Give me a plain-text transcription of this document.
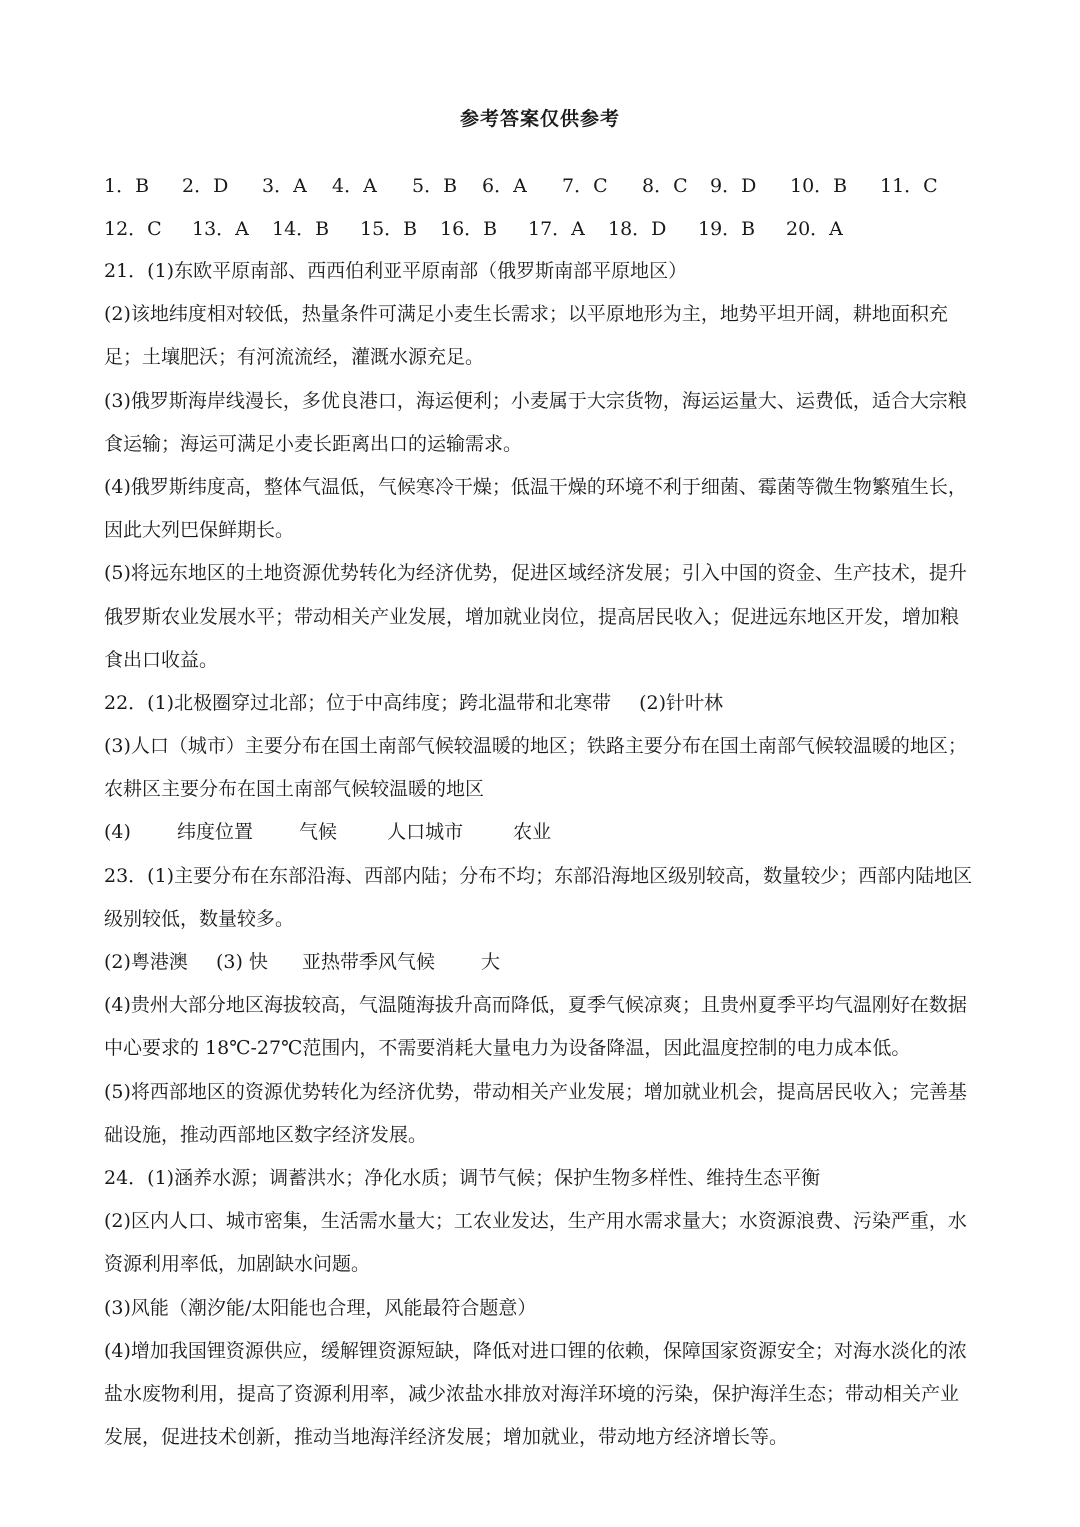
参考答案仅供参考
1．B 2．D 3．A 4．A 5．B 6．A 7．C 8．C 9．D 10．B 11．C
12．C 13．A 14．B 15．B 16．B 17．A 18．D 19．B 20．A
21．(1)东欧平原南部、西西伯利亚平原南部（俄罗斯南部平原地区）
(2)该地纬度相对较低，热量条件可满足小麦生长需求；以平原地形为主，地势平坦开阔，耕地面积充
足；土壤肥沃；有河流流经，灌溉水源充足。
(3)俄罗斯海岸线漫长，多优良港口，海运便利；小麦属于大宗货物，海运运量大、运费低，适合大宗粮
食运输；海运可满足小麦长距离出口的运输需求。
(4)俄罗斯纬度高，整体气温低，气候寒冷干燥；低温干燥的环境不利于细菌、霉菌等微生物繁殖生长，
因此大列巴保鲜期长。
(5)将远东地区的土地资源优势转化为经济优势，促进区域经济发展；引入中国的资金、生产技术，提升
俄罗斯农业发展水平；带动相关产业发展，增加就业岗位，提高居民收入；促进远东地区开发，增加粮
食出口收益。
22．(1)北极圈穿过北部；位于中高纬度；跨北温带和北寒带 (2)针叶林
(3)人口（城市）主要分布在国土南部气候较温暖的地区；铁路主要分布在国土南部气候较温暖的地区；
农耕区主要分布在国土南部气候较温暖的地区
(4) 纬度位置 气候	人口城市	农业
23．(1)主要分布在东部沿海、西部内陆；分布不均；东部沿海地区级别较高，数量较少；西部内陆地区
级别较低，数量较多。
(2)粤港澳 (3) 快 亚热带季风气候 大
(4)贵州大部分地区海拔较高，气温随海拔升高而降低，夏季气候凉爽；且贵州夏季平均气温刚好在数据
中心要求的 18℃-27℃范围内，不需要消耗大量电力为设备降温，因此温度控制的电力成本低。
(5)将西部地区的资源优势转化为经济优势，带动相关产业发展；增加就业机会，提高居民收入；完善基
础设施，推动西部地区数字经济发展。
24．(1)涵养水源；调蓄洪水；净化水质；调节气候；保护生物多样性、维持生态平衡
(2)区内人口、城市密集，生活需水量大；工农业发达，生产用水需求量大；水资源浪费、污染严重，水
资源利用率低，加剧缺水问题。
(3)风能（潮汐能/太阳能也合理，风能最符合题意）
(4)增加我国锂资源供应，缓解锂资源短缺，降低对进口锂的依赖，保障国家资源安全；对海水淡化的浓
盐水废物利用，提高了资源利用率，减少浓盐水排放对海洋环境的污染，保护海洋生态；带动相关产业
发展，促进技术创新，推动当地海洋经济发展；增加就业，带动地方经济增长等。
